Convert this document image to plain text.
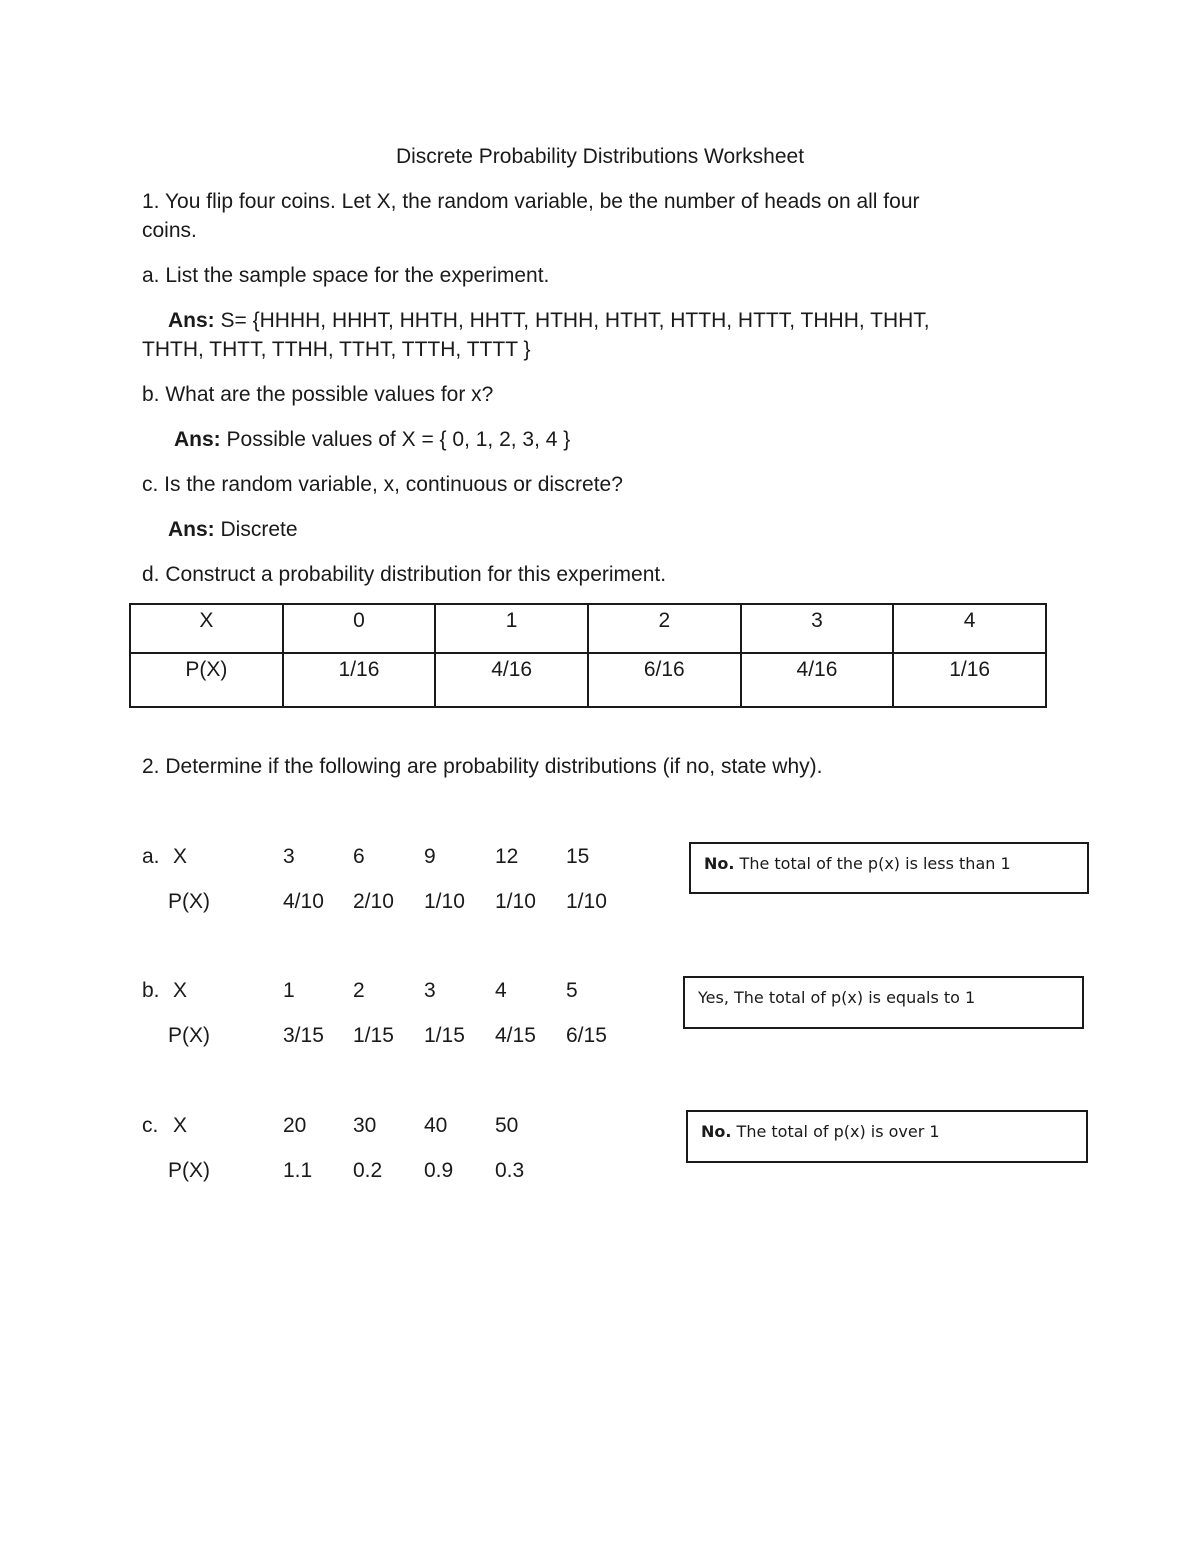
Discrete Probability Distributions Worksheet
1. You flip four coins. Let X, the random variable, be the number of heads on all four
coins.
a. List the sample space for the experiment.
Ans: S= {HHHH, HHHT, HHTH, HHTT, HTHH, HTHT, HTTH, HTTT, THHH, THHT,
THTH, THTT, TTHH, TTHT, TTTH, TTTT }
b. What are the possible values for x?
Ans: Possible values of X = { 0, 1, 2, 3, 4 }
c. Is the random variable, x, continuous or discrete?
Ans: Discrete
d. Construct a probability distribution for this experiment.
X	0	1	2	3	4
P(X)	1/16	4/16	6/16	4/16	1/16
2. Determine if the following are probability distributions (if no, state why).
a. X	3	6	9	12 15
P(X)	4/10 2/10 1/10 1/10 1/10
No. The total of the p(x) is less than 1
b. X	1	2	3	4	5
P(X)	3/15 1/15 1/15 4/15 6/15
Yes, The total of p(x) is equals to 1
c. X	20 30 40 50
P(X)	1.1 0.2 0.9 0.3
No. The total of p(x) is over 1
